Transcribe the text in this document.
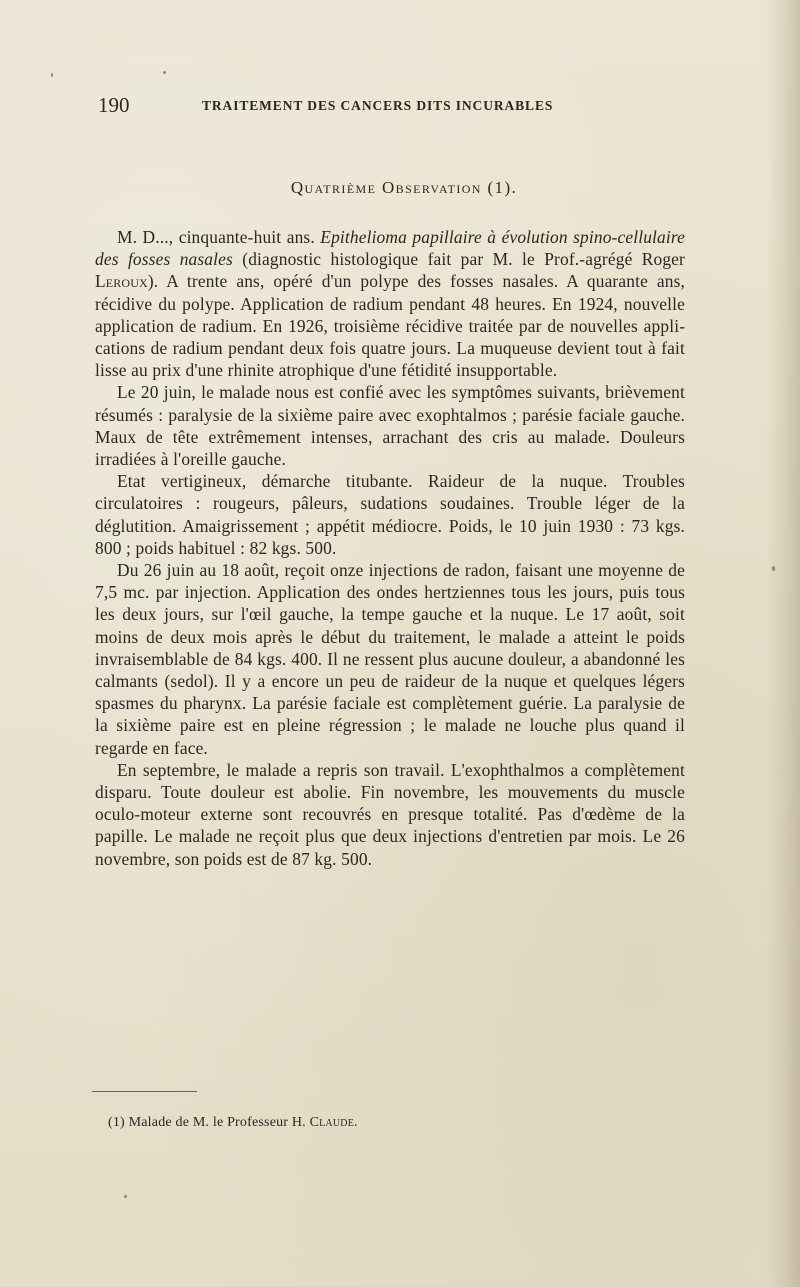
190	TRAITEMENT DES CANCERS DITS INCURABLES
Quatrième Observation (1).

M. D..., cinquante-huit ans. Epithelioma papillaire à évolution spino-cellulaire des fosses nasales (diagnostic histologique fait par M. le Prof.-agrégé Roger Leroux). A trente ans, opéré d'un polype des fosses nasales. A quarante ans, récidive du polype. Application de radium pendant 48 heures. En 1924, nouvelle application de radium. En 1926, troisième récidive traitée par de nouvelles applications de radium pendant deux fois quatre jours. La muqueuse devient tout à fait lisse au prix d'une rhinite atrophique d'une fétidité insupportable.

Le 20 juin, le malade nous est confié avec les symptômes suivants, brièvement résumés : paralysie de la sixième paire avec exophtalmos ; parésie faciale gauche. Maux de tête extrêmement intenses, arrachant des cris au malade. Douleurs irradiées à l'oreille gauche.

Etat vertigineux, démarche titubante. Raideur de la nuque. Troubles circulatoires : rougeurs, pâleurs, sudations soudaines. Trouble léger de la déglutition. Amaigrissement ; appétit médiocre. Poids, le 10 juin 1930 : 73 kgs. 800 ; poids habituel : 82 kgs. 500.

Du 26 juin au 18 août, reçoit onze injections de radon, faisant une moyenne de 7,5 mc. par injection. Application des ondes hertziennes tous les jours, puis tous les deux jours, sur l'œil gauche, la tempe gauche et la nuque. Le 17 août, soit moins de deux mois après le début du traitement, le malade a atteint le poids invraisemblable de 84 kgs. 400. Il ne ressent plus aucune douleur, a abandonné les calmants (sedol). Il y a encore un peu de raideur de la nuque et quelques légers spasmes du pharynx. La parésie faciale est complètement guérie. La paralysie de la sixième paire est en pleine régression ; le malade ne louche plus quand il regarde en face.

En septembre, le malade a repris son travail. L'exophthalmos a complètement disparu. Toute douleur est abolie. Fin novembre, les mouvements du muscle oculo-moteur externe sont recouvrés en presque totalité. Pas d'œdème de la papille. Le malade ne reçoit plus que deux injections d'entretien par mois. Le 26 novembre, son poids est de 87 kg. 500.

(1) Malade de M. le Professeur H. Claude.
